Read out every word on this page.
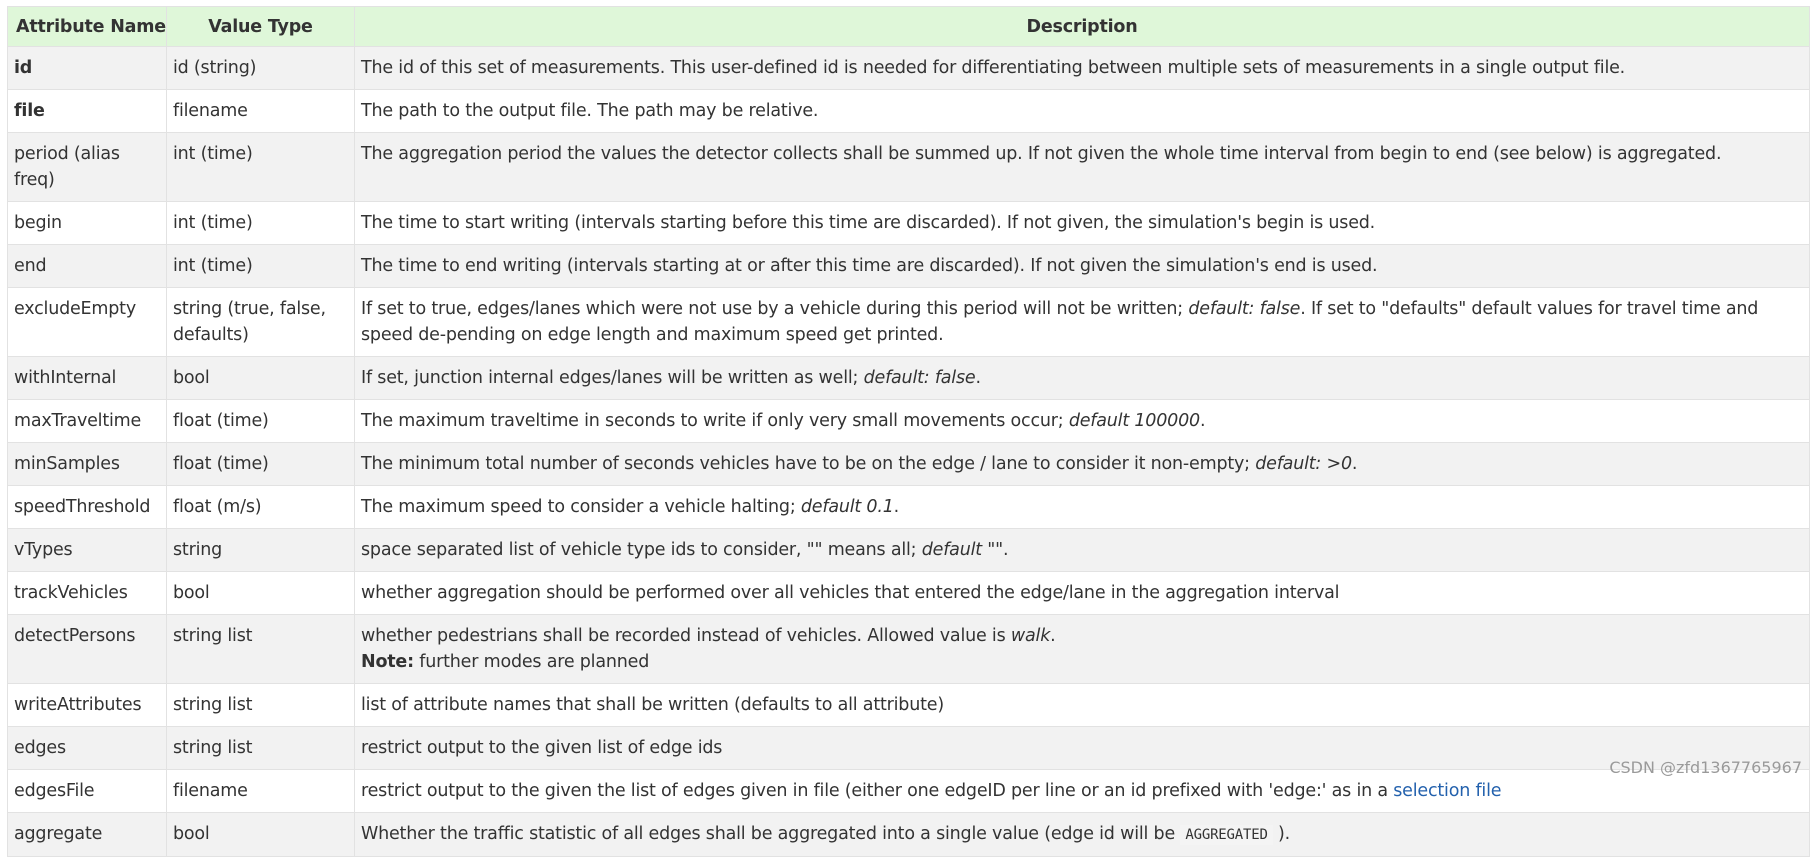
Attribute Name	Value Type	Description
id	id (string)	The id of this set of measurements. This user-defined id is needed for differentiating between multiple sets of measurements in a single output file.
file	filename	The path to the output file. The path may be relative.
period (alias freq)	int (time)	The aggregation period the values the detector collects shall be summed up. If not given the whole time interval from begin to end (see below) is aggregated.
begin	int (time)	The time to start writing (intervals starting before this time are discarded). If not given, the simulation's begin is used.
end	int (time)	The time to end writing (intervals starting at or after this time are discarded). If not given the simulation's end is used.
excludeEmpty	string (true, false, defaults)	If set to true, edges/lanes which were not use by a vehicle during this period will not be written; default: false. If set to "defaults" default values for travel time and speed de-pending on edge length and maximum speed get printed.
withInternal	bool	If set, junction internal edges/lanes will be written as well; default: false.
maxTraveltime	float (time)	The maximum traveltime in seconds to write if only very small movements occur; default 100000.
minSamples	float (time)	The minimum total number of seconds vehicles have to be on the edge / lane to consider it non-empty; default: >0.
speedThreshold	float (m/s)	The maximum speed to consider a vehicle halting; default 0.1.
vTypes	string	space separated list of vehicle type ids to consider, "" means all; default "".
trackVehicles	bool	whether aggregation should be performed over all vehicles that entered the edge/lane in the aggregation interval
detectPersons	string list	whether pedestrians shall be recorded instead of vehicles. Allowed value is walk.
Note: further modes are planned
writeAttributes	string list	list of attribute names that shall be written (defaults to all attribute)
edges	string list	restrict output to the given list of edge ids
edgesFile	filename	restrict output to the given the list of edges given in file (either one edgeID per line or an id prefixed with 'edge:' as in a selection file
aggregate	bool	Whether the traffic statistic of all edges shall be aggregated into a single value (edge id will be AGGREGATED ).
CSDN @zfd1367765967
